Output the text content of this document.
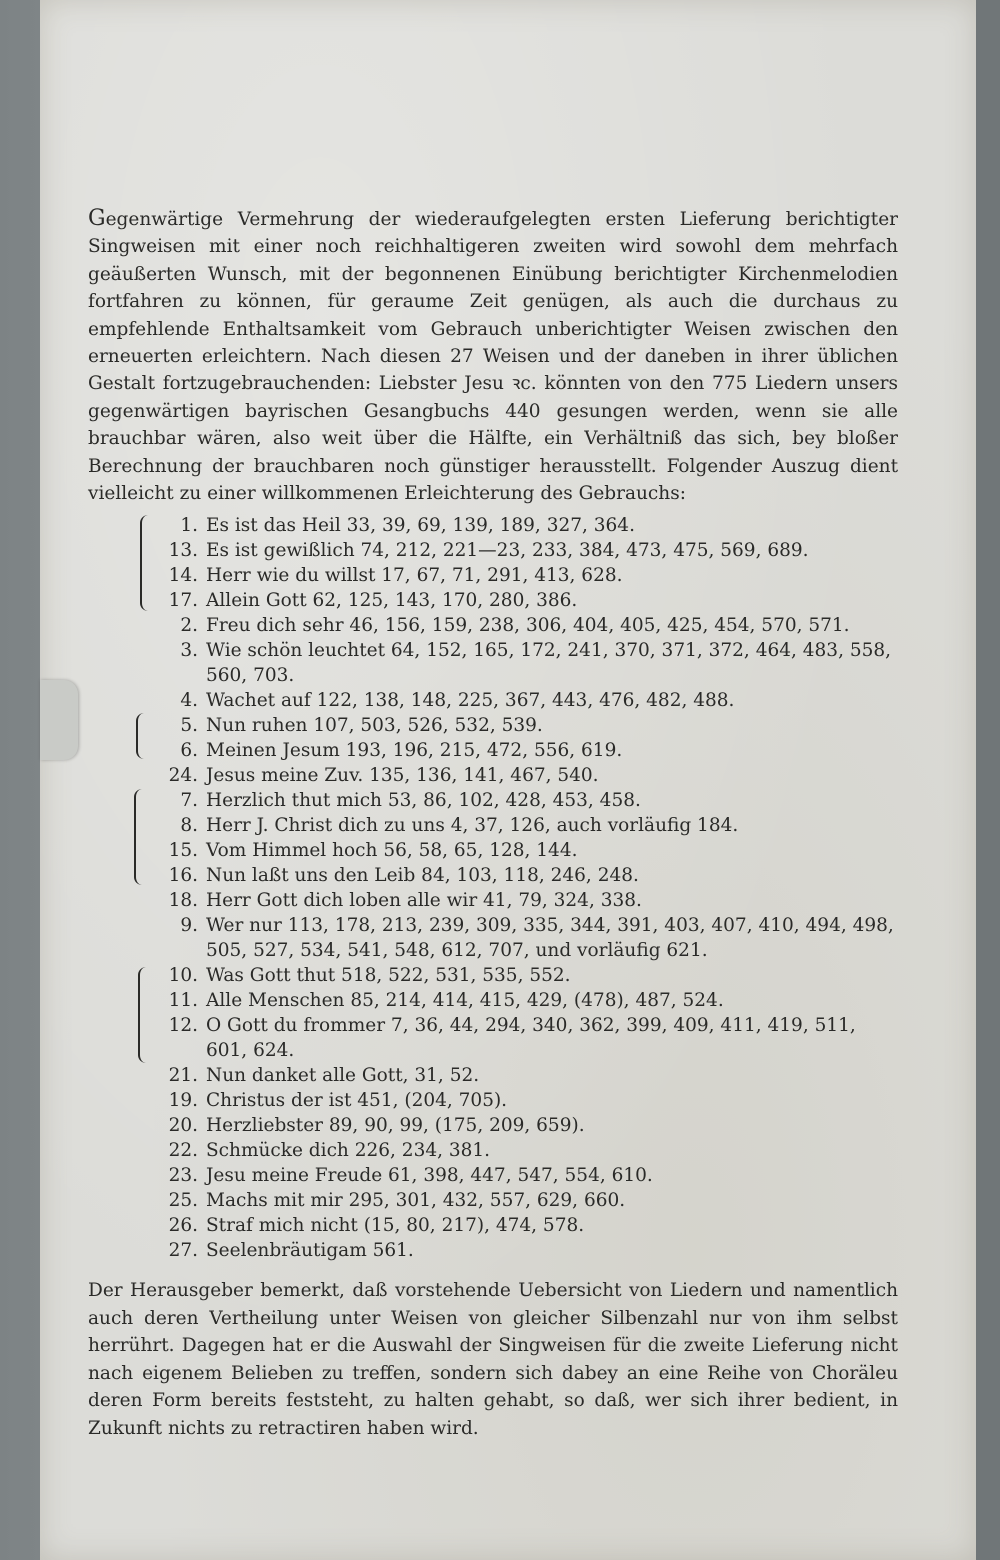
Gegenwärtige Vermehrung der wiederaufgelegten ersten Lieferung berichtigter Singweisen mit einer noch reichhaltigeren zweiten wird sowohl dem mehrfach geäußerten Wunsch, mit der begonnenen Einübung berichtigter Kirchenmelodien fortfahren zu können, für geraume Zeit genügen, als auch die durchaus zu empfehlende Enthaltsamkeit vom Gebrauch unberichtigter Weisen zwischen den erneuerten erleichtern. Nach diesen 27 Weisen und der daneben in ihrer üblichen Gestalt fortzugebrauchenden: Liebster Jesu ꝛc. könnten von den 775 Liedern unsers gegenwärtigen bayrischen Gesangbuchs 440 gesungen werden, wenn sie alle brauchbar wären, also weit über die Hälfte, ein Verhältniß das sich, bey bloßer Berechnung der brauchbaren noch günstiger herausstellt. Folgender Auszug dient vielleicht zu einer willkommenen Erleichterung des Gebrauchs:

1. Es ist das Heil 33, 39, 69, 139, 189, 327, 364.
13. Es ist gewißlich 74, 212, 221—23, 233, 384, 473, 475, 569, 689.
14. Herr wie du willst 17, 67, 71, 291, 413, 628.
17. Allein Gott 62, 125, 143, 170, 280, 386.
2. Freu dich sehr 46, 156, 159, 238, 306, 404, 405, 425, 454, 570, 571.
3. Wie schön leuchtet 64, 152, 165, 172, 241, 370, 371, 372, 464, 483, 558, 560, 703.
4. Wachet auf 122, 138, 148, 225, 367, 443, 476, 482, 488.
5. Nun ruhen 107, 503, 526, 532, 539.
6. Meinen Jesum 193, 196, 215, 472, 556, 619.
24. Jesus meine Zuv. 135, 136, 141, 467, 540.
7. Herzlich thut mich 53, 86, 102, 428, 453, 458.
8. Herr J. Christ dich zu uns 4, 37, 126, auch vorläufig 184.
15. Vom Himmel hoch 56, 58, 65, 128, 144.
16. Nun laßt uns den Leib 84, 103, 118, 246, 248.
18. Herr Gott dich loben alle wir 41, 79, 324, 338.
9. Wer nur 113, 178, 213, 239, 309, 335, 344, 391, 403, 407, 410, 494, 498, 505, 527, 534, 541, 548, 612, 707, und vorläufig 621.
10. Was Gott thut 518, 522, 531, 535, 552.
11. Alle Menschen 85, 214, 414, 415, 429, (478), 487, 524.
12. O Gott du frommer 7, 36, 44, 294, 340, 362, 399, 409, 411, 419, 511, 601, 624.
21. Nun danket alle Gott, 31, 52.
19. Christus der ist 451, (204, 705).
20. Herzliebster 89, 90, 99, (175, 209, 659).
22. Schmücke dich 226, 234, 381.
23. Jesu meine Freude 61, 398, 447, 547, 554, 610.
25. Machs mit mir 295, 301, 432, 557, 629, 660.
26. Straf mich nicht (15, 80, 217), 474, 578.
27. Seelenbräutigam 561.

Der Herausgeber bemerkt, daß vorstehende Uebersicht von Liedern und namentlich auch deren Vertheilung unter Weisen von gleicher Silbenzahl nur von ihm selbst herrührt. Dagegen hat er die Auswahl der Singweisen für die zweite Lieferung nicht nach eigenem Belieben zu treffen, sondern sich dabey an eine Reihe von Choräleu deren Form bereits feststeht, zu halten gehabt, so daß, wer sich ihrer bedient, in Zukunft nichts zu retractiren haben wird.
